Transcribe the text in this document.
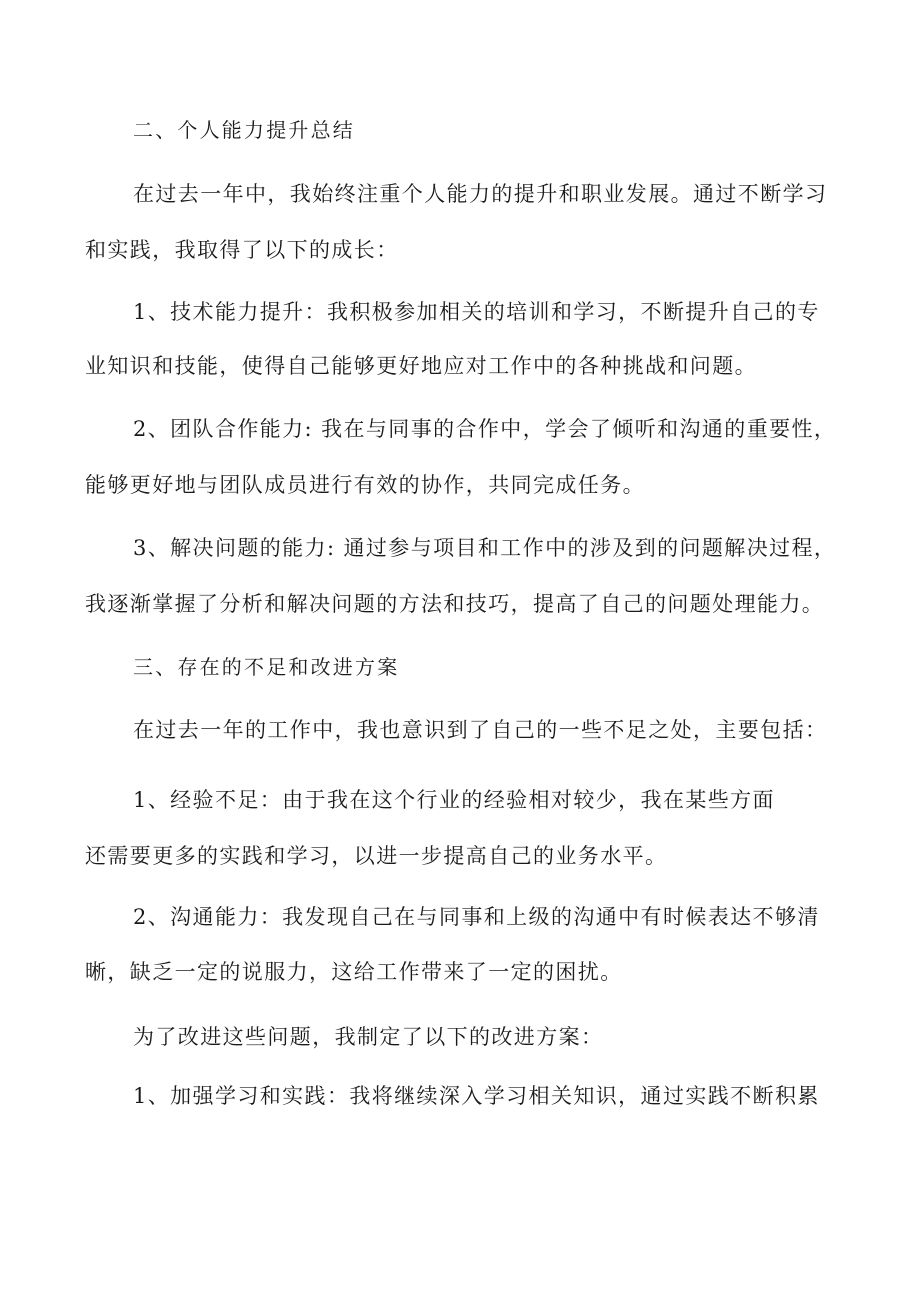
二、个人能力提升总结
在过去一年中，我始终注重个人能力的提升和职业发展。通过不断学习
和实践，我取得了以下的成长：
1、技术能力提升：我积极参加相关的培训和学习，不断提升自己的专
业知识和技能，使得自己能够更好地应对工作中的各种挑战和问题。
2、团队合作能力: 我在与同事的合作中，学会了倾听和沟通的重要性，
能够更好地与团队成员进行有效的协作，共同完成任务。
3、解决问题的能力: 通过参与项目和工作中的涉及到的问题解决过程，
我逐渐掌握了分析和解决问题的方法和技巧，提高了自己的问题处理能力。
三、存在的不足和改进方案
在过去一年的工作中，我也意识到了自己的一些不足之处，主要包括：
1、经验不足：由于我在这个行业的经验相对较少，我在某些方面
还需要更多的实践和学习，以进一步提高自己的业务水平。
2、沟通能力：我发现自己在与同事和上级的沟通中有时候表达不够清
晰，缺乏一定的说服力，这给工作带来了一定的困扰。
为了改进这些问题，我制定了以下的改进方案：
1、加强学习和实践：我将继续深入学习相关知识，通过实践不断积累
